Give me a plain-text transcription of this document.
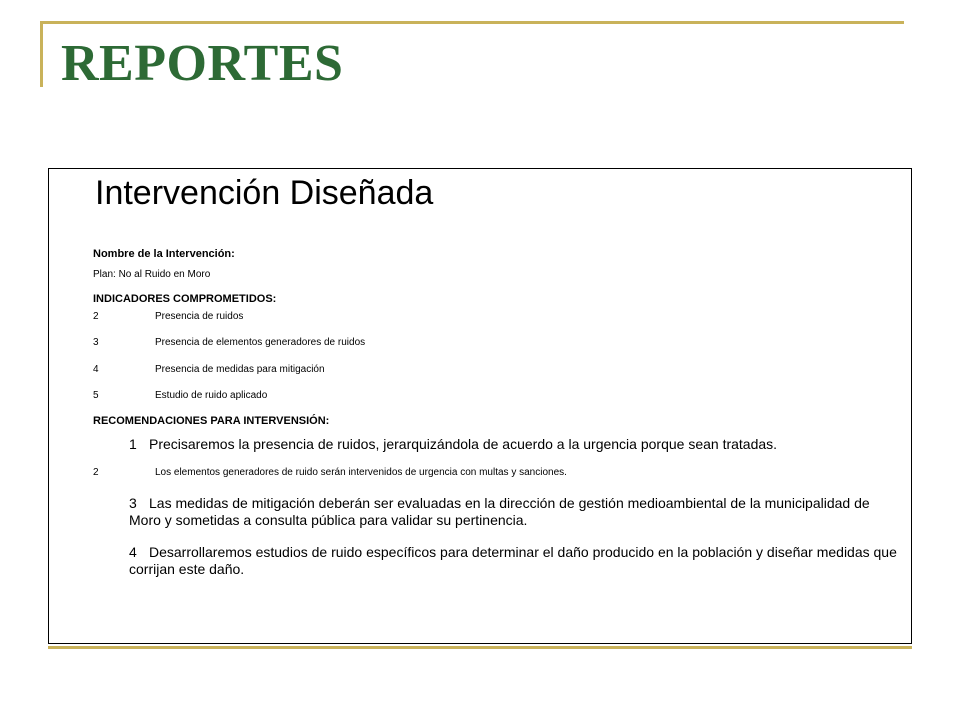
REPORTES
Intervención Diseñada
Nombre de la Intervención:
Plan: No al Ruido en Moro
INDICADORES COMPROMETIDOS:
2	Presencia de ruidos
3	Presencia de elementos generadores de ruidos
4	Presencia de medidas para mitigación
5	Estudio de ruido aplicado
RECOMENDACIONES PARA INTERVENSIÓN:
1 Precisaremos la presencia de ruidos, jerarquizándola de acuerdo a la urgencia porque sean tratadas.
2	Los elementos generadores de ruido serán intervenidos de urgencia con multas y sanciones.
3 Las medidas de mitigación deberán ser evaluadas en la dirección de gestión medioambiental de la municipalidad de Moro y sometidas a consulta pública para validar su pertinencia.
4 Desarrollaremos estudios de ruido específicos para determinar el daño producido en la población y diseñar medidas que corrijan este daño.
